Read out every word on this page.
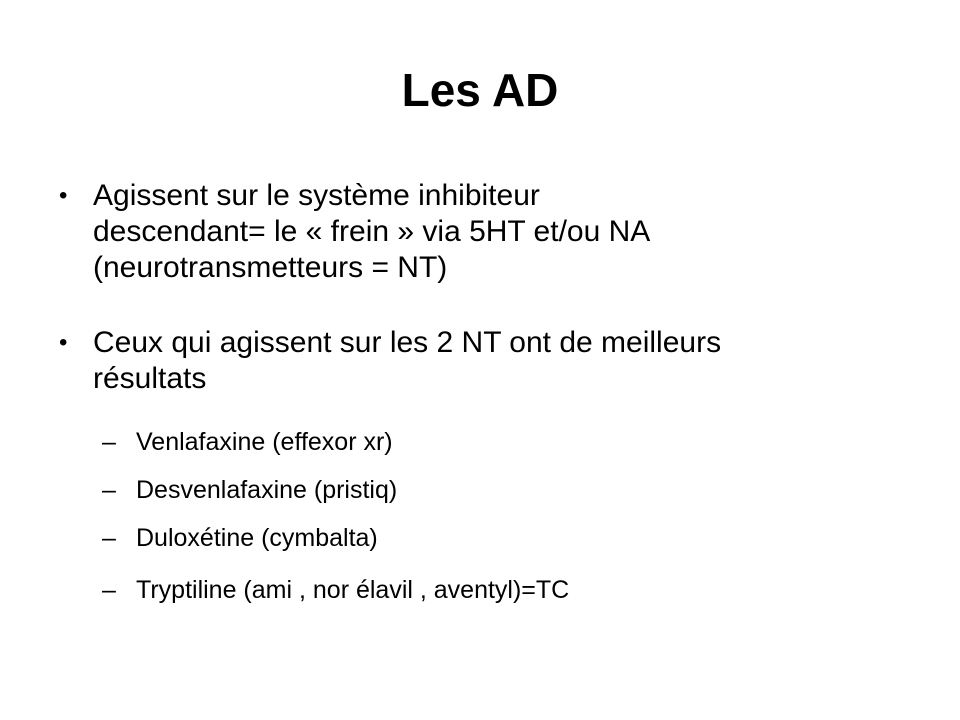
Les AD
• Agissent sur le système inhibiteur
descendant= le « frein » via 5HT et/ou NA
(neurotransmetteurs = NT)
• Ceux qui agissent sur les 2 NT ont de meilleurs
résultats
– Venlafaxine (effexor xr)
– Desvenlafaxine (pristiq)
– Duloxétine (cymbalta)
– Tryptiline (ami , nor élavil , aventyl)=TC
